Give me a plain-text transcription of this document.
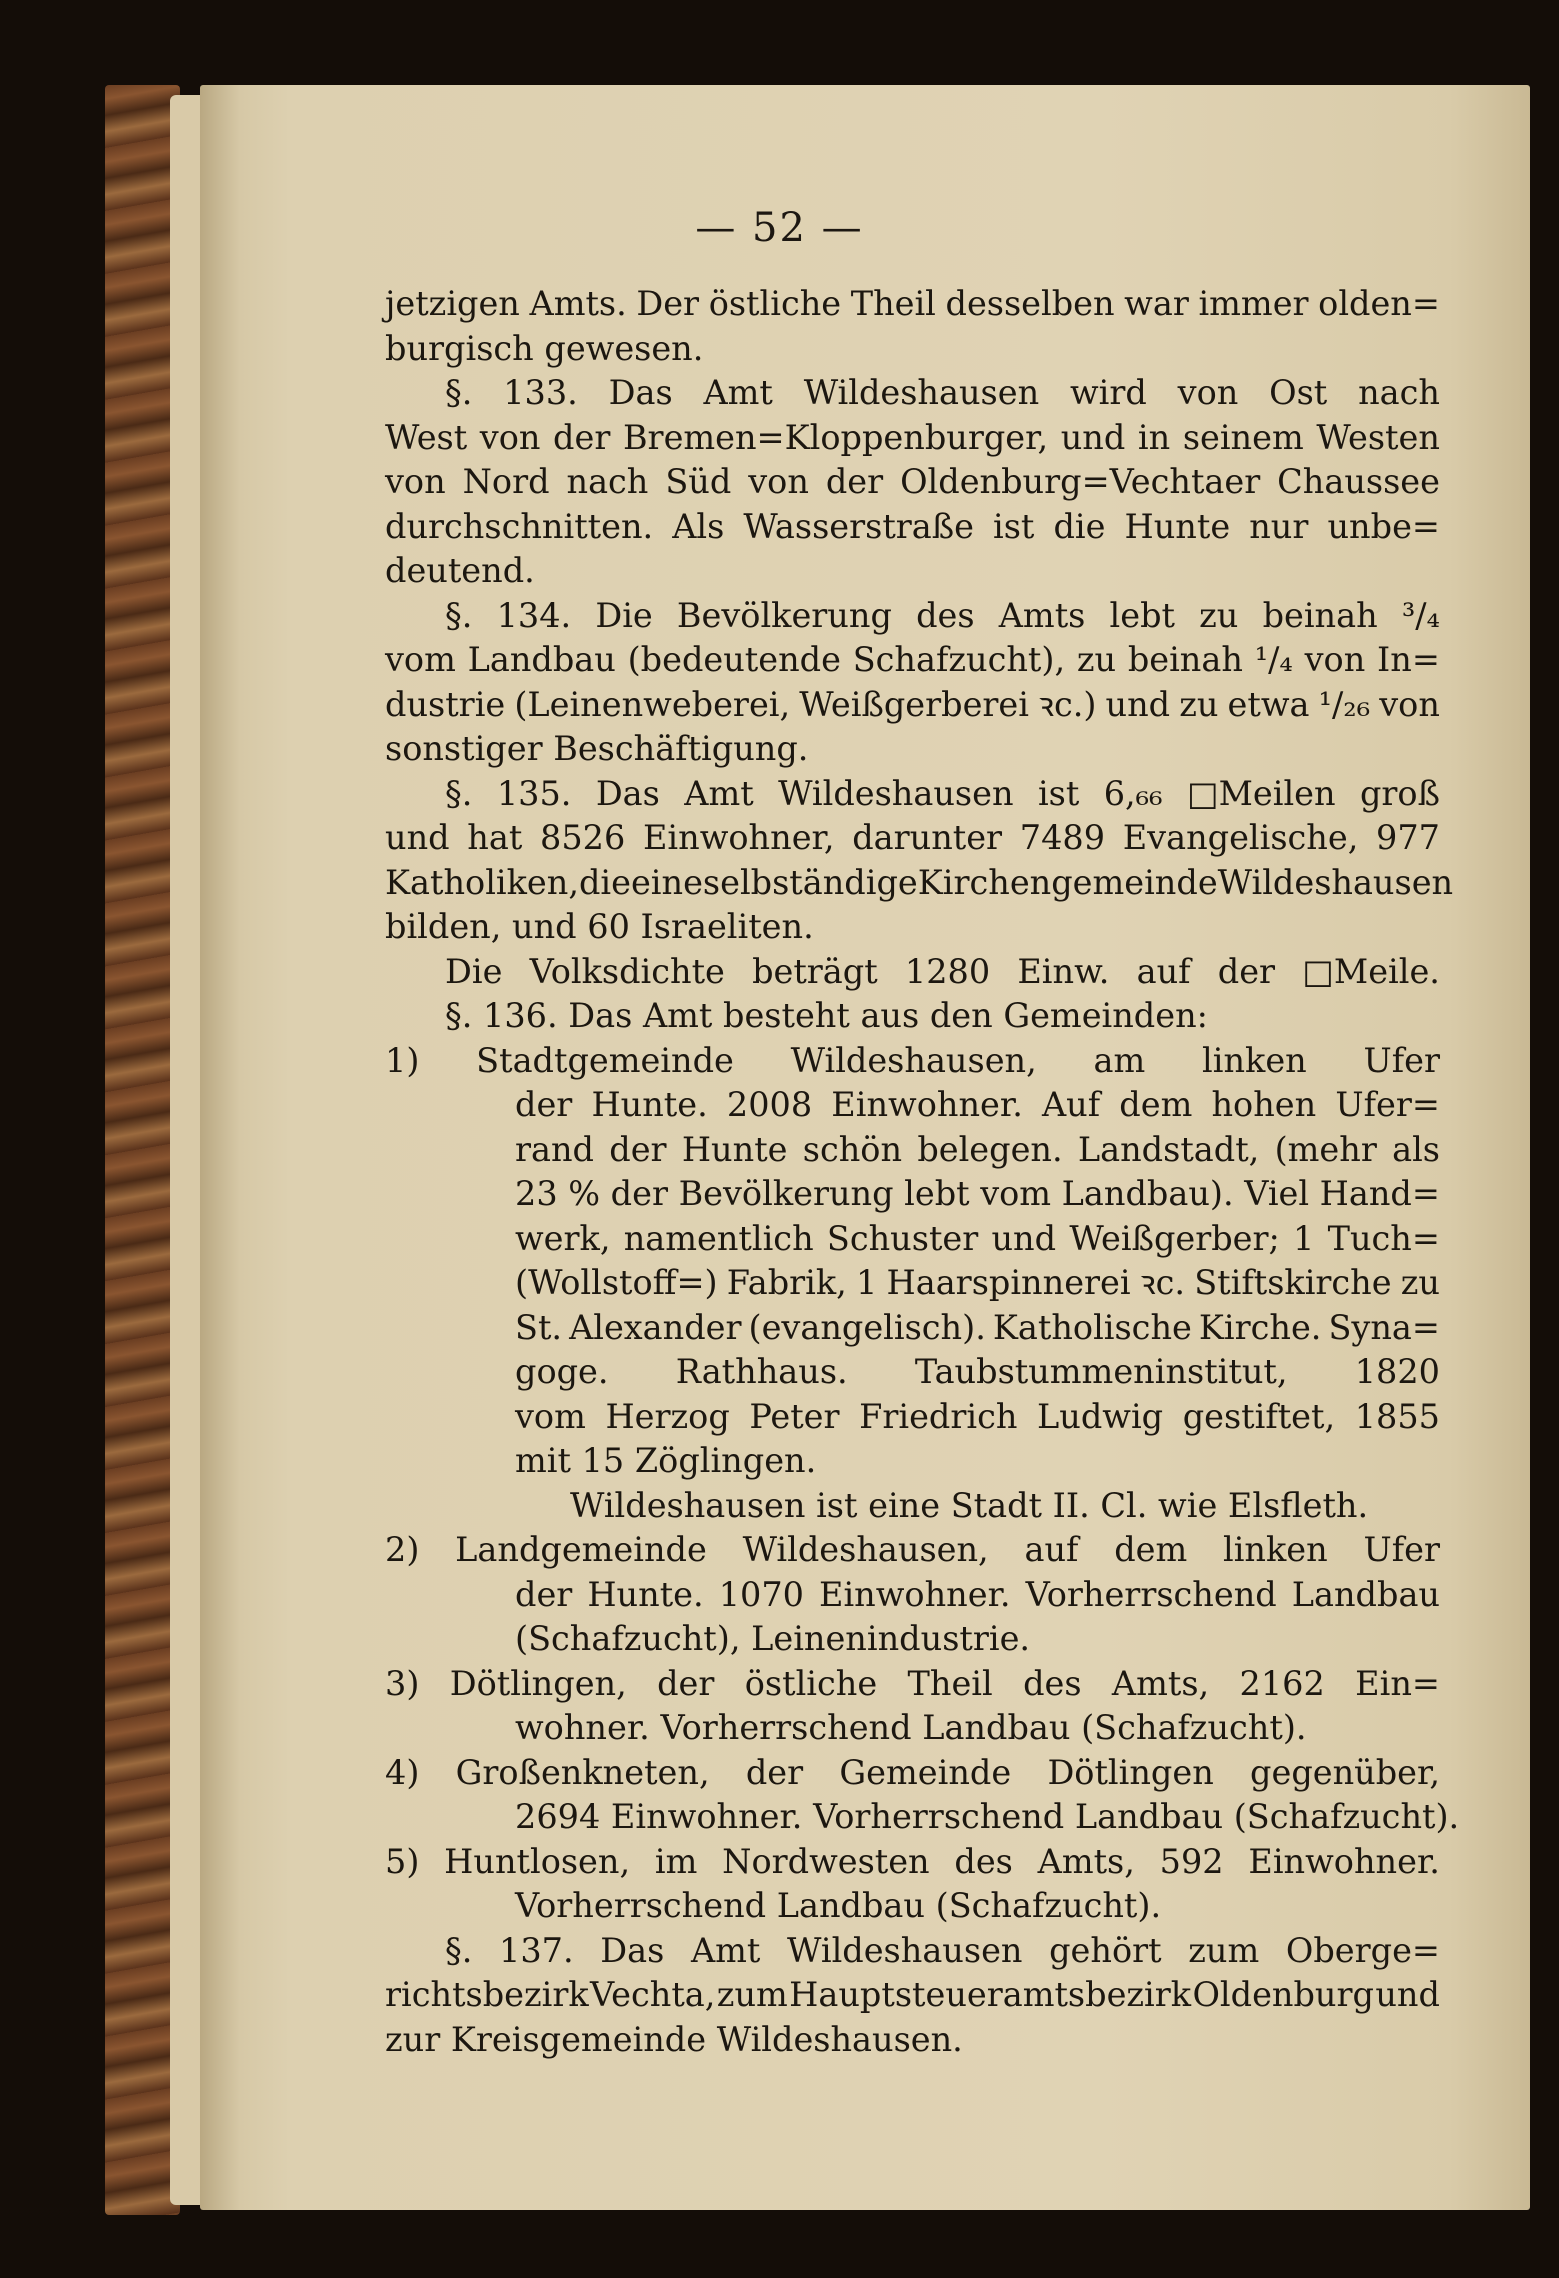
— 52 —
jetzigen Amts. Der östliche Theil desselben war immer olden=
burgisch gewesen.
§. 133. Das Amt Wildeshausen wird von Ost nach
West von der Bremen=Kloppenburger, und in seinem Westen
von Nord nach Süd von der Oldenburg=Vechtaer Chaussee
durchschnitten. Als Wasserstraße ist die Hunte nur unbe=
deutend.
§. 134. Die Bevölkerung des Amts lebt zu beinah ³/₄
vom Landbau (bedeutende Schafzucht), zu beinah ¹/₄ von In=
dustrie (Leinenweberei, Weißgerberei ꝛc.) und zu etwa ¹/₂₆ von
sonstiger Beschäftigung.
§. 135. Das Amt Wildeshausen ist 6,₆₆ □Meilen groß
und hat 8526 Einwohner, darunter 7489 Evangelische, 977
Katholiken, die eine selbständige Kirchengemeinde Wildeshausen
bilden, und 60 Israeliten.
Die Volksdichte beträgt 1280 Einw. auf der □Meile.
§. 136. Das Amt besteht aus den Gemeinden:
1) Stadtgemeinde Wildeshausen, am linken Ufer
der Hunte. 2008 Einwohner. Auf dem hohen Ufer=
rand der Hunte schön belegen. Landstadt, (mehr als
23 % der Bevölkerung lebt vom Landbau). Viel Hand=
werk, namentlich Schuster und Weißgerber; 1 Tuch=
(Wollstoff=) Fabrik, 1 Haarspinnerei ꝛc. Stiftskirche zu
St. Alexander (evangelisch). Katholische Kirche. Syna=
goge. Rathhaus. Taubstummeninstitut, 1820
vom Herzog Peter Friedrich Ludwig gestiftet, 1855
mit 15 Zöglingen.
Wildeshausen ist eine Stadt II. Cl. wie Elsfleth.
2) Landgemeinde Wildeshausen, auf dem linken Ufer
der Hunte. 1070 Einwohner. Vorherrschend Landbau
(Schafzucht), Leinenindustrie.
3) Dötlingen, der östliche Theil des Amts, 2162 Ein=
wohner. Vorherrschend Landbau (Schafzucht).
4) Großenkneten, der Gemeinde Dötlingen gegenüber,
2694 Einwohner. Vorherrschend Landbau (Schafzucht).
5) Huntlosen, im Nordwesten des Amts, 592 Einwohner.
Vorherrschend Landbau (Schafzucht).
§. 137. Das Amt Wildeshausen gehört zum Oberge=
richtsbezirk Vechta, zum Hauptsteueramtsbezirk Oldenburg und
zur Kreisgemeinde Wildeshausen.
